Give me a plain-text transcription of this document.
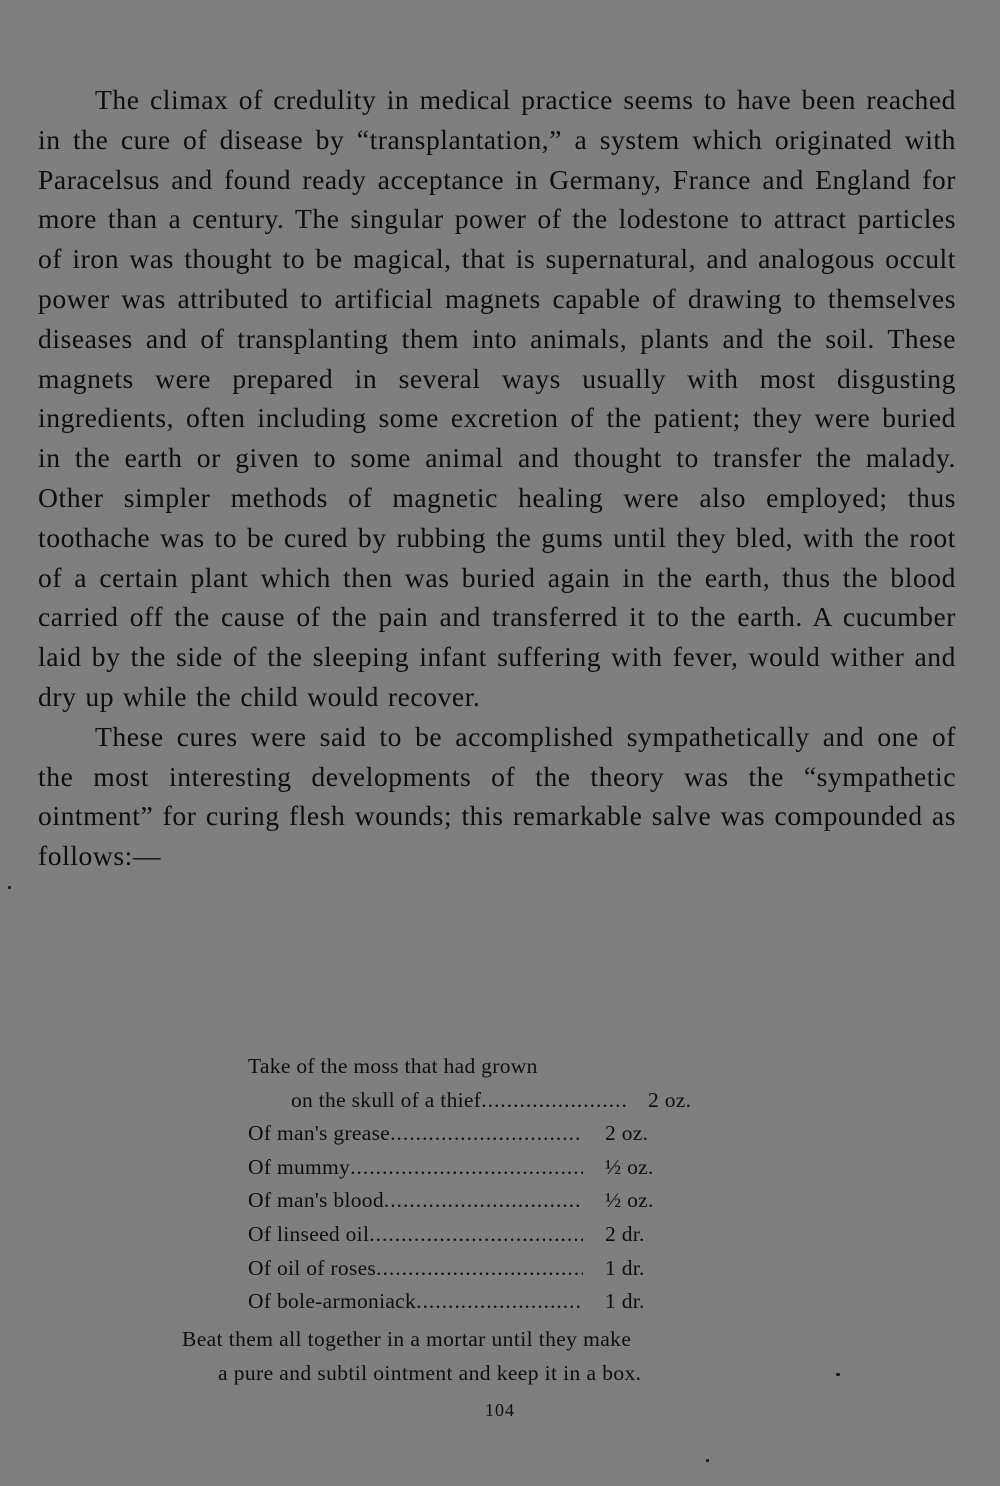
The climax of credulity in medical practice seems to have been reached in the cure of disease by “transplantation,” a system which originated with Paracelsus and found ready acceptance in Germany, France and England for more than a century. The singular power of the lodestone to attract particles of iron was thought to be magical, that is supernatural, and analogous occult power was attributed to artificial magnets capable of drawing to themselves diseases and of transplanting them into animals, plants and the soil. These magnets were prepared in several ways usually with most disgusting ingredients, often including some excretion of the patient; they were buried in the earth or given to some animal and thought to transfer the malady. Other simpler methods of magnetic healing were also employed; thus toothache was to be cured by rubbing the gums until they bled, with the root of a certain plant which then was buried again in the earth, thus the blood carried off the cause of the pain and transferred it to the earth. A cucumber laid by the side of the sleeping infant suffering with fever, would wither and dry up while the child would recover.

These cures were said to be accomplished sympathetically and one of the most interesting developments of the theory was the “sympathetic ointment” for curing flesh wounds; this remarkable salve was compounded as follows:—

Take of the moss that had grown
on the skull of a thief .....	2 oz.
Of man's grease .....	2 oz.
Of mummy .....	½ oz.
Of man's blood .....	½ oz.
Of linseed oil .....	2 dr.
Of oil of roses .....	1 dr.
Of bole-armoniack .....	1 dr.
Beat them all together in a mortar until they make
a pure and subtil ointment and keep it in a box.
104
